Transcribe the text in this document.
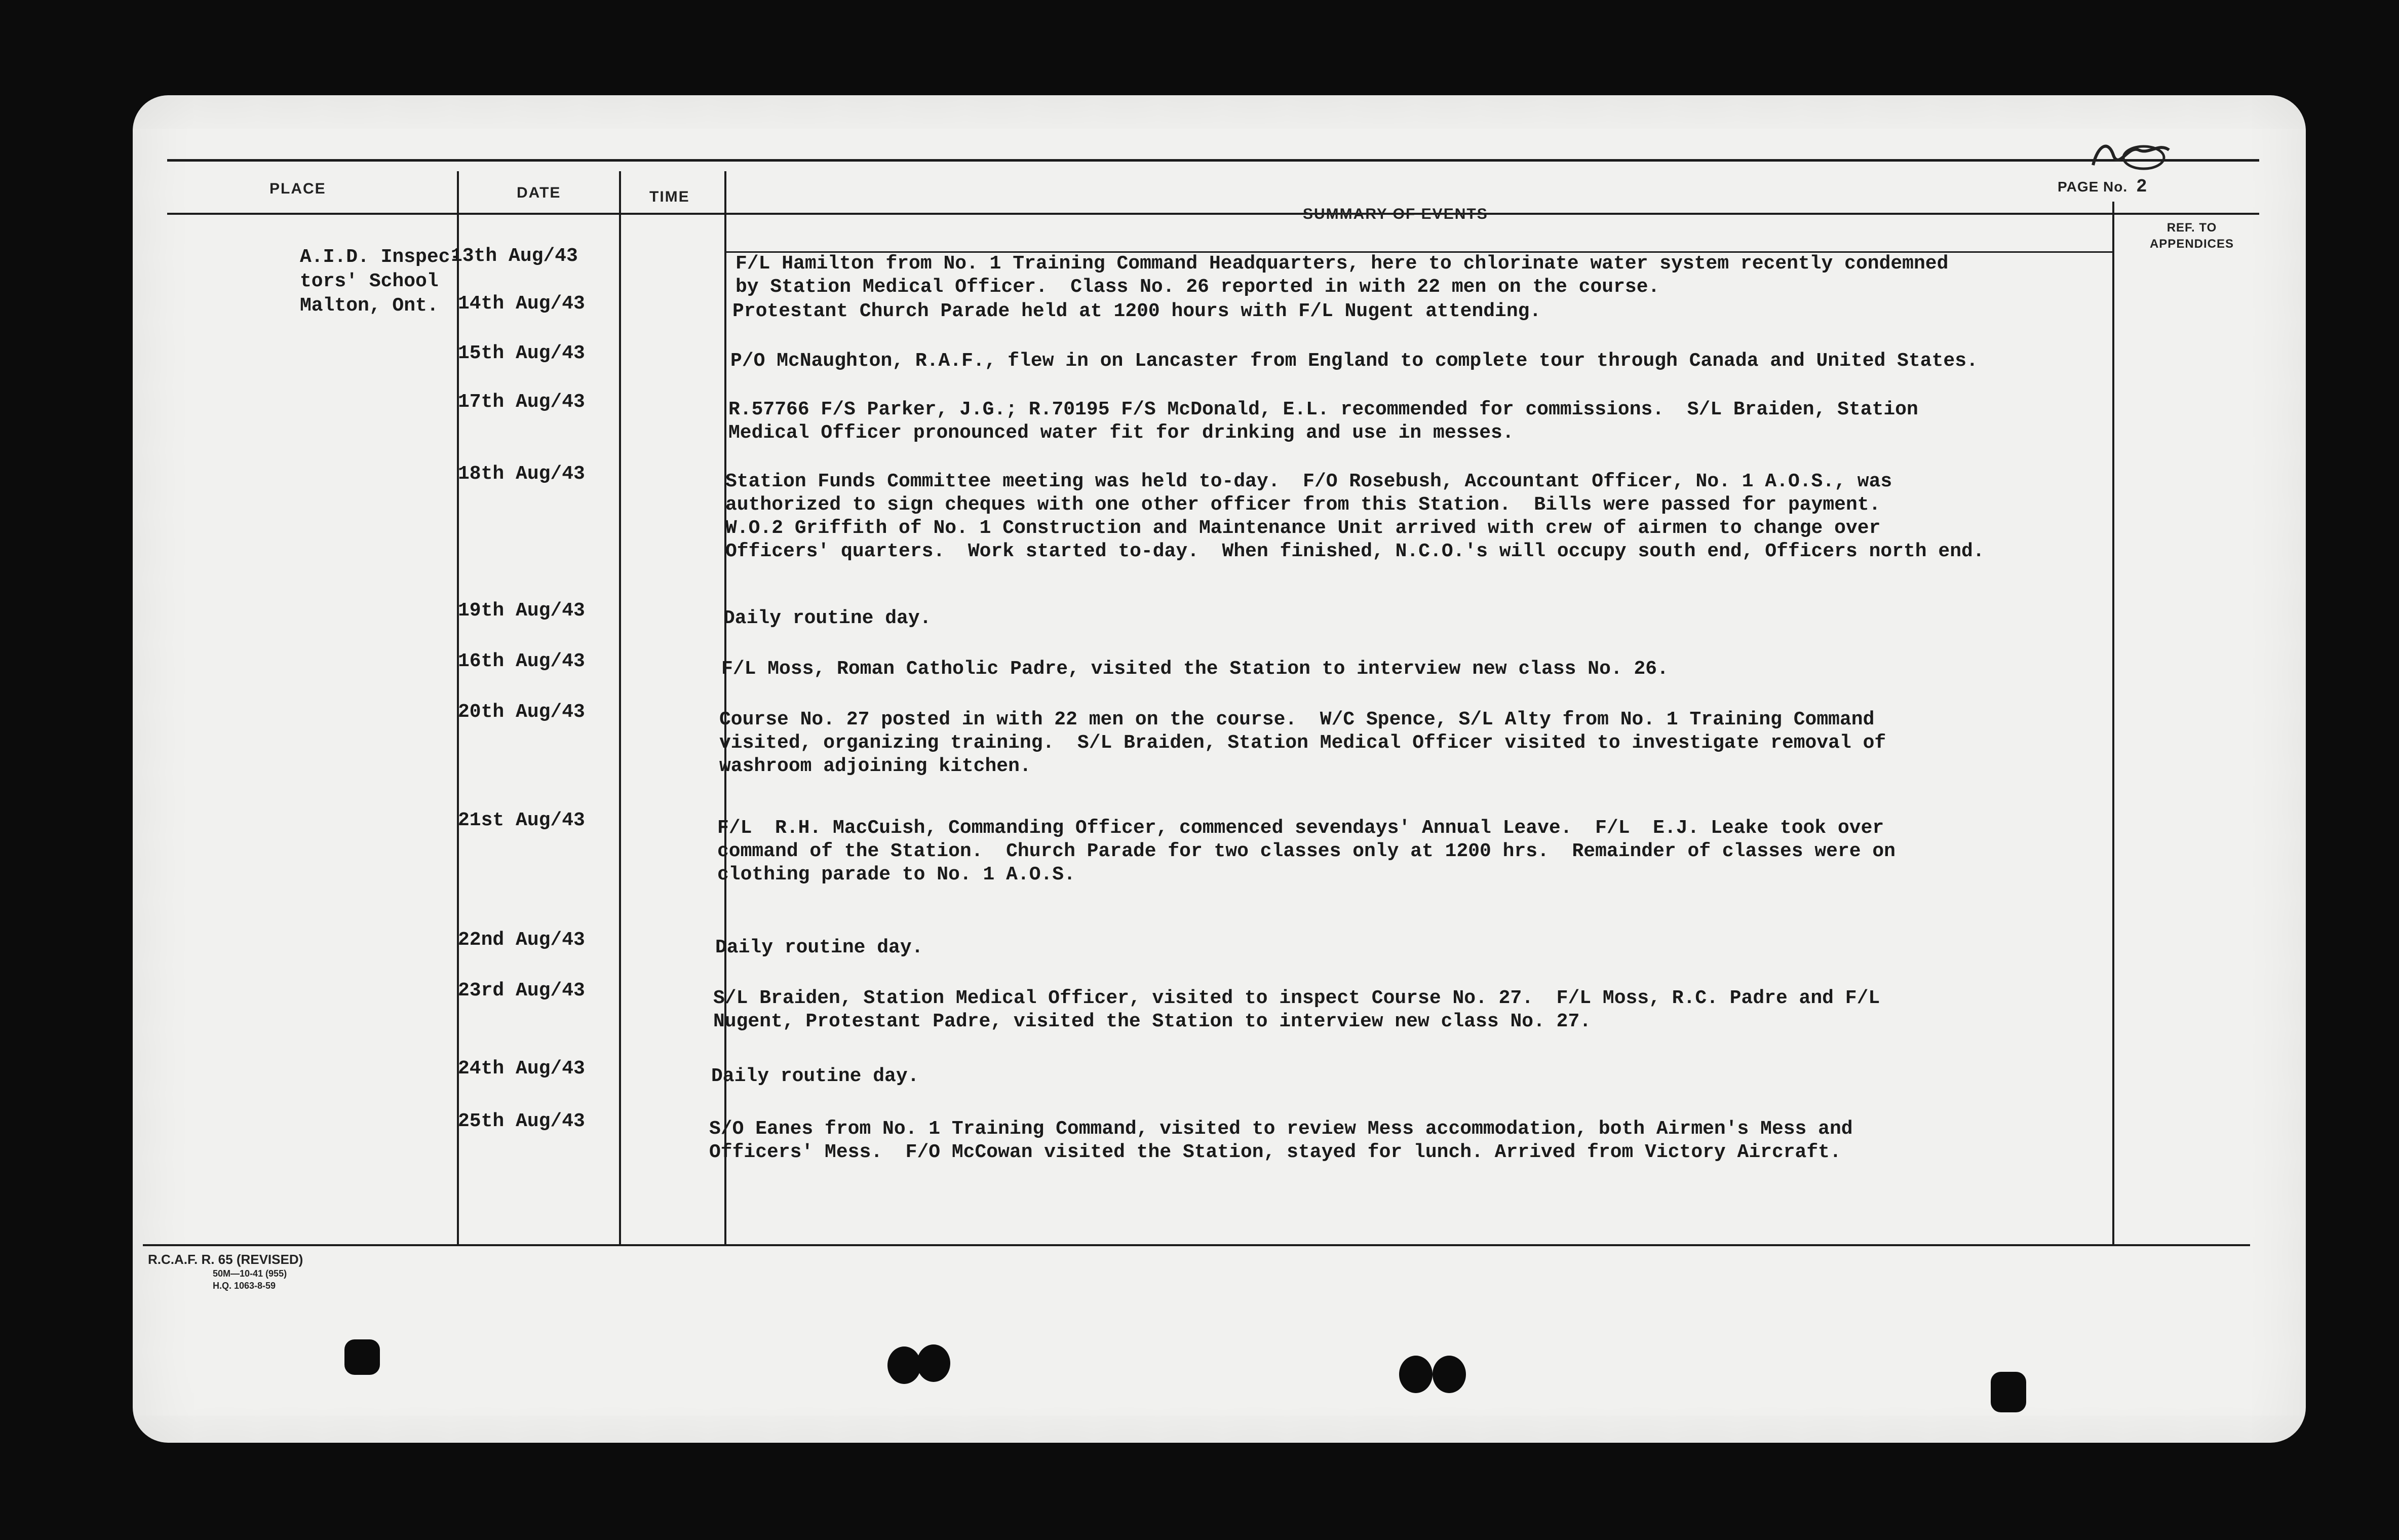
PLACE	DATE	TIME
SUMMARY OF EVENTS
REF. TO
APPENDICES
PAGE No. 2
A.I.D. Inspec-
tors' School
Malton, Ont.
13th Aug/43	F/L Hamilton from No. 1 Training Command Headquarters, here to chlorinate water system recently condemned
by Station Medical Officer.  Class No. 26 reported in with 22 men on the course.
14th Aug/43	Protestant Church Parade held at 1200 hours with F/L Nugent attending.
15th Aug/43	P/O McNaughton, R.A.F., flew in on Lancaster from England to complete tour through Canada and United States.
17th Aug/43	R.57766 F/S Parker, J.G.; R.70195 F/S McDonald, E.L. recommended for commissions.  S/L Braiden, Station
Medical Officer pronounced water fit for drinking and use in messes.
18th Aug/43	Station Funds Committee meeting was held to-day.  F/O Rosebush, Accountant Officer, No. 1 A.O.S., was
authorized to sign cheques with one other officer from this Station.  Bills were passed for payment.
W.O.2 Griffith of No. 1 Construction and Maintenance Unit arrived with crew of airmen to change over
Officers' quarters.  Work started to-day.  When finished, N.C.O.'s will occupy south end, Officers north end.
19th Aug/43	Daily routine day.
16th Aug/43	F/L Moss, Roman Catholic Padre, visited the Station to interview new class No. 26.
20th Aug/43	Course No. 27 posted in with 22 men on the course.  W/C Spence, S/L Alty from No. 1 Training Command
visited, organizing training.  S/L Braiden, Station Medical Officer visited to investigate removal of
washroom adjoining kitchen.
21st Aug/43	F/L  R.H. MacCuish, Commanding Officer, commenced sevendays' Annual Leave.  F/L  E.J. Leake took over
command of the Station.  Church Parade for two classes only at 1200 hrs.  Remainder of classes were on
clothing parade to No. 1 A.O.S.
22nd Aug/43	Daily routine day.
23rd Aug/43	S/L Braiden, Station Medical Officer, visited to inspect Course No. 27.  F/L Moss, R.C. Padre and F/L
Nugent, Protestant Padre, visited the Station to interview new class No. 27.
24th Aug/43	Daily routine day.
25th Aug/43	S/O Eanes from No. 1 Training Command, visited to review Mess accommodation, both Airmen's Mess and
Officers' Mess.  F/O McCowan visited the Station, stayed for lunch. Arrived from Victory Aircraft.
R.C.A.F. R. 65 (REVISED)
50M—10-41 (955)
H.Q. 1063-8-59
